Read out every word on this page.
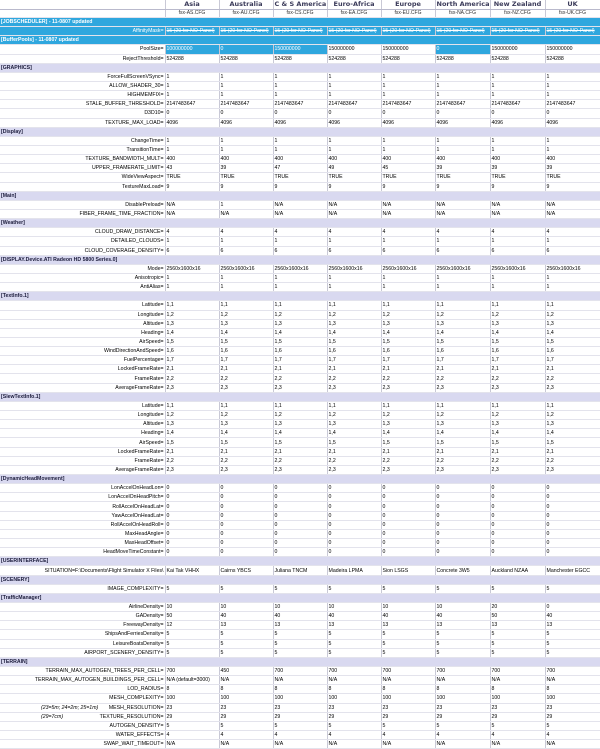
	Asia	Australia	C & S America	Euro-Africa	Europe	North America	New Zealand	UK
	fsx-AS.CFG	fsx-AU.CFG	fsx-CS.CFG	fsx-EA.CFG	fsx-EU.CFG	fsx-NA.CFG	fsx-NZ.CFG	fsx-UK.CFG
[JOBSCHEDULER] - 11-0807 updated								
AffinityMask=	15 (20 for NO-Panel)	15 (20 for NO-Panel)	15 (20 for NO-Panel)	15 (20 for NO-Panel)	15 (20 for NO-Panel)	15 (20 for NO-Panel)	15 (20 for NO-Panel)	15 (20 for NO-Panel)
[BufferPools] - 11-0807 updated								
PoolSize=	100000000	0	150000000	150000000	150000000	0	150000000	150000000
RejectThreshold=	524288	524288	524288	524288	524288	524288	524288	524288
[GRAPHICS]								
ForceFullScreenVSync=	1	1	1	1	1	1	1	1
ALLOW_SHADER_30=	1	1	1	1	1	1	1	1
HIGHMEMFIX=	1	1	1	1	1	1	1	1
STALE_BUFFER_THRESHOLD=	2147483647	2147483647	2147483647	2147483647	2147483647	2147483647	2147483647	2147483647
D3D10=	0	0	0	0	0	0	0	0
TEXTURE_MAX_LOAD=	4096	4096	4096	4096	4096	4096	4096	4096
[Display]								
ChangeTime=	1	1	1	1	1	1	1	1
TransitionTime=	1	1	1	1	1	1	1	1
TEXTURE_BANDWIDTH_MULT=	400	400	400	400	400	400	400	400
UPPER_FRAMERATE_LIMIT=	43	39	47	49	45	39	39	39
WideViewAspect=	TRUE	TRUE	TRUE	TRUE	TRUE	TRUE	TRUE	TRUE
TextureMaxLoad=	9	9	9	9	9	9	9	9
[Main]								
DisablePreload=	N/A	1	N/A	N/A	N/A	N/A	N/A	N/A
FIBER_FRAME_TIME_FRACTION=	N/A	N/A	N/A	N/A	N/A	N/A	N/A	N/A
[Weather]								
CLOUD_DRAW_DISTANCE=	4	4	4	4	4	4	4	4
DETAILED_CLOUDS=	1	1	1	1	1	1	1	1
CLOUD_COVERAGE_DENSITY=	6	6	6	6	6	6	6	6
[DISPLAY.Device.ATI Radeon HD 5800 Series.0]								
Mode=	2560x1600x16	2560x1600x16	2560x1600x16	2560x1600x16	2560x1600x16	2560x1600x16	2560x1600x16	2560x1600x16
Anisotropic=	1	1	1	1	1	1	1	1
AntiAlias=	1	1	1	1	1	1	1	1
[TextInfo.1]								
Latitude=	1,1	1,1	1,1	1,1	1,1	1,1	1,1	1,1
Longitude=	1,2	1,2	1,2	1,2	1,2	1,2	1,2	1,2
Altitude=	1,3	1,3	1,3	1,3	1,3	1,3	1,3	1,3
Heading=	1,4	1,4	1,4	1,4	1,4	1,4	1,4	1,4
AirSpeed=	1,5	1,5	1,5	1,5	1,5	1,5	1,5	1,5
WindDirectionAndSpeed=	1,6	1,6	1,6	1,6	1,6	1,6	1,6	1,6
FuelPercentage=	1,7	1,7	1,7	1,7	1,7	1,7	1,7	1,7
LockedFrameRate=	2,1	2,1	2,1	2,1	2,1	2,1	2,1	2,1
FrameRate=	2,2	2,2	2,2	2,2	2,2	2,2	2,2	2,2
AverageFrameRate=	2,3	2,3	2,3	2,3	2,3	2,3	2,3	2,3
[SlewTextInfo.1]								
Latitude=	1,1	1,1	1,1	1,1	1,1	1,1	1,1	1,1
Longitude=	1,2	1,2	1,2	1,2	1,2	1,2	1,2	1,2
Altitude=	1,3	1,3	1,3	1,3	1,3	1,3	1,3	1,3
Heading=	1,4	1,4	1,4	1,4	1,4	1,4	1,4	1,4
AirSpeed=	1,5	1,5	1,5	1,5	1,5	1,5	1,5	1,5
LockedFrameRate=	2,1	2,1	2,1	2,1	2,1	2,1	2,1	2,1
FrameRate=	2,2	2,2	2,2	2,2	2,2	2,2	2,2	2,2
AverageFrameRate=	2,3	2,3	2,3	2,3	2,3	2,3	2,3	2,3
[DynamicHeadMovement]								
LonAccelOnHeadLon=	0	0	0	0	0	0	0	0
LonAccelOnHeadPitch=	0	0	0	0	0	0	0	0
RollAccelOnHeadLat=	0	0	0	0	0	0	0	0
YawAccelOnHeadLat=	0	0	0	0	0	0	0	0
RollAccelOnHeadRoll=	0	0	0	0	0	0	0	0
MaxHeadAngle=	0	0	0	0	0	0	0	0
MaxHeadOffset=	0	0	0	0	0	0	0	0
HeadMoveTimeConstant=	0	0	0	0	0	0	0	0
[USERINTERFACE]								
SITUATION=F:\Documents\Flight Simulator X Files\	Kai Tak VHHX	Cairns YBCS	Juliana TNCM	Madeira LPMA	Sion LSGS	Concrete 3W5	Auckland NZAA	Manchester EGCC
[SCENERY]								
IMAGE_COMPLEXITY=	5	5	5	5	5	5	5	5
[TrafficManager]								
AirlineDensity=	10	10	10	10	10	10	20	0
GADensity=	50	40	40	40	40	40	50	40
FreewayDensity=	12	13	13	13	13	13	13	13
ShipsAndFerriesDensity=	5	5	5	5	5	5	5	5
LeisureBoatsDensity=	5	5	5	5	5	5	5	5
AIRPORT_SCENERY_DENSITY=	5	5	5	5	5	5	5	5
[TERRAIN]								
TERRAIN_MAX_AUTOGEN_TREES_PER_CELL=	700	450	700	700	700	700	700	700
TERRAIN_MAX_AUTOGEN_BUILDINGS_PER_CELL=	N/A (default=3000)	N/A	N/A	N/A	N/A	N/A	N/A	N/A
LOD_RADIUS=	8	8	8	8	8	8	8	8
MESH_COMPLEXITY=	100	100	100	100	100	100	100	100

(23=5m; 24=2m; 25=1m) MESH_RESOLUTION=	23	23	23	23	23	23	23	23

(29=7cm) TEXTURE_RESOLUTION=	29	29	29	29	29	29	29	29
AUTOGEN_DENSITY=	5	5	5	5	5	5	5	5
WATER_EFFECTS=	4	4	4	4	4	4	4	4
SWAP_WAIT_TIMEOUT=	N/A	N/A	N/A	N/A	N/A	N/A	N/A	N/A
